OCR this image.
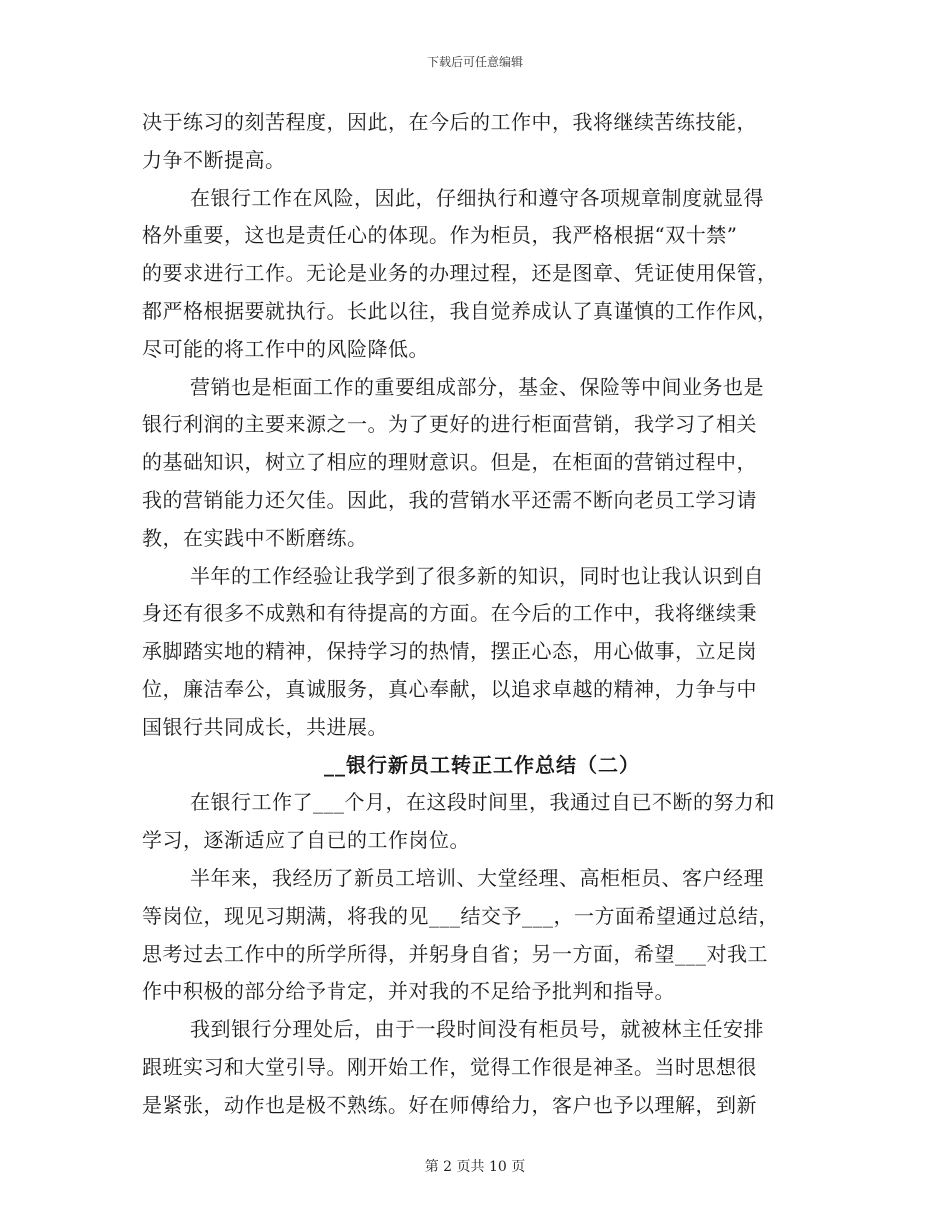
下载后可任意编辑
决于练习的刻苦程度，因此，在今后的工作中，我将继续苦练技能，
力争不断提高。
在银行工作在风险，因此，仔细执行和遵守各项规章制度就显得
格外重要，这也是责任心的体现。作为柜员，我严格根据“双十禁”
的要求进行工作。无论是业务的办理过程，还是图章、凭证使用保管，
都严格根据要就执行。长此以往，我自觉养成认了真谨慎的工作作风，
尽可能的将工作中的风险降低。
营销也是柜面工作的重要组成部分，基金、保险等中间业务也是
银行利润的主要来源之一。为了更好的进行柜面营销，我学习了相关
的基础知识，树立了相应的理财意识。但是，在柜面的营销过程中，
我的营销能力还欠佳。因此，我的营销水平还需不断向老员工学习请
教，在实践中不断磨练。
半年的工作经验让我学到了很多新的知识，同时也让我认识到自
身还有很多不成熟和有待提高的方面。在今后的工作中，我将继续秉
承脚踏实地的精神，保持学习的热情，摆正心态，用心做事，立足岗
位，廉洁奉公，真诚服务，真心奉献，以追求卓越的精神，力争与中
国银行共同成长，共进展。
__银行新员工转正工作总结（二）
在银行工作了___个月，在这段时间里，我通过自已不断的努力和
学习，逐渐适应了自已的工作岗位。
半年来，我经历了新员工培训、大堂经理、高柜柜员、客户经理
等岗位，现见习期满，将我的见___结交予___，一方面希望通过总结，
思考过去工作中的所学所得，并躬身自省；另一方面，希望___对我工
作中积极的部分给予肯定，并对我的不足给予批判和指导。
我到银行分理处后，由于一段时间没有柜员号，就被林主任安排
跟班实习和大堂引导。刚开始工作，觉得工作很是神圣。当时思想很
是紧张，动作也是极不熟练。好在师傅给力，客户也予以理解，到新
第 2 页共 10 页
